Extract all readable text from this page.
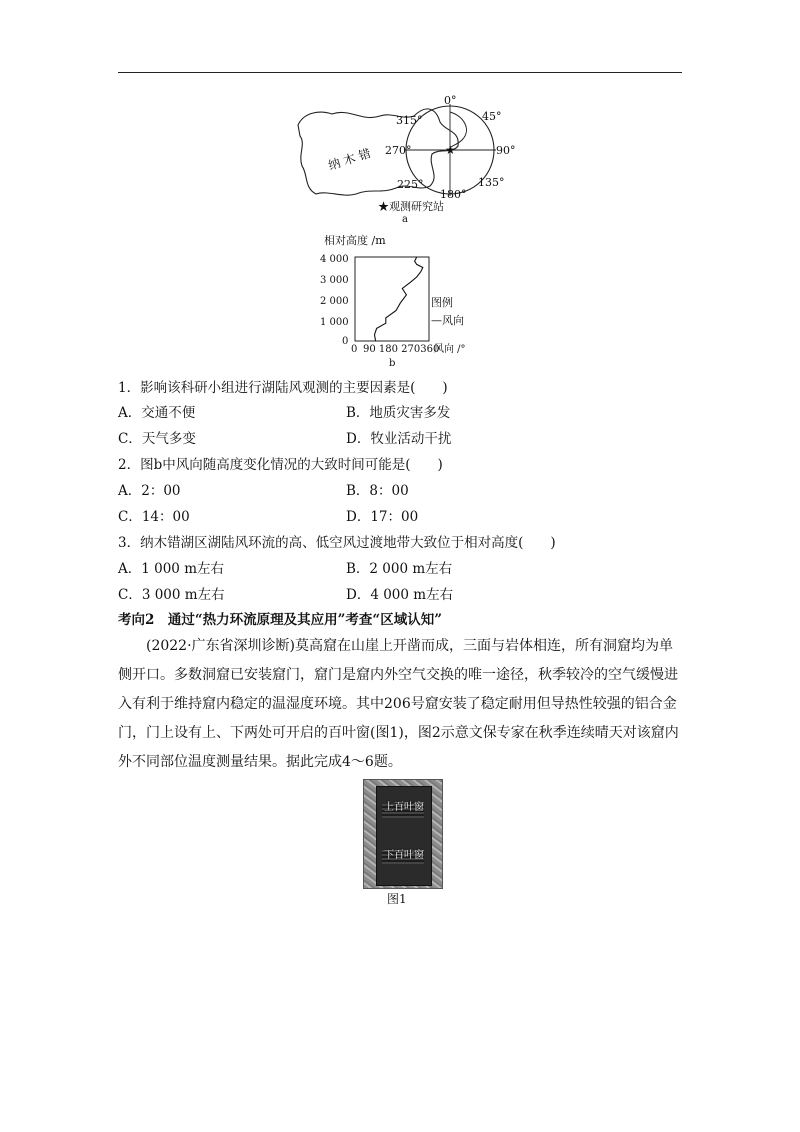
★
纳 木 错
0°
45°
90°
135°
180°
225°
270°
315°
★观测研究站
a
相对高度 /m
4 000
3 000
2 000
1 000
0
0 90 180 270360
风向 /°
图例
—风向
b
1．影响该科研小组进行湖陆风观测的主要因素是(　　)
A．交通不便	B．地质灾害多发
C．天气多变	D．牧业活动干扰
2．图b中风向随高度变化情况的大致时间可能是(　　)
A．2：00	B．8：00
C．14：00	D．17：00
3．纳木错湖区湖陆风环流的高、低空风过渡地带大致位于相对高度(　　)
A．1 000 m左右	B．2 000 m左右
C．3 000 m左右	D．4 000 m左右
考向2　通过“热力环流原理及其应用”考查“区域认知”
(2022·广东省深圳诊断)莫高窟在山崖上开凿而成，三面与岩体相连，所有洞窟均为单侧开口。多数洞窟已安装窟门，窟门是窟内外空气交换的唯一途径，秋季较冷的空气缓慢进入有利于维持窟内稳定的温湿度环境。其中206号窟安装了稳定耐用但导热性较强的铝合金门，门上设有上、下两处可开启的百叶窗(图1)，图2示意文保专家在秋季连续晴天对该窟内外不同部位温度测量结果。据此完成4～6题。
上百叶窗
下百叶窗
图1
